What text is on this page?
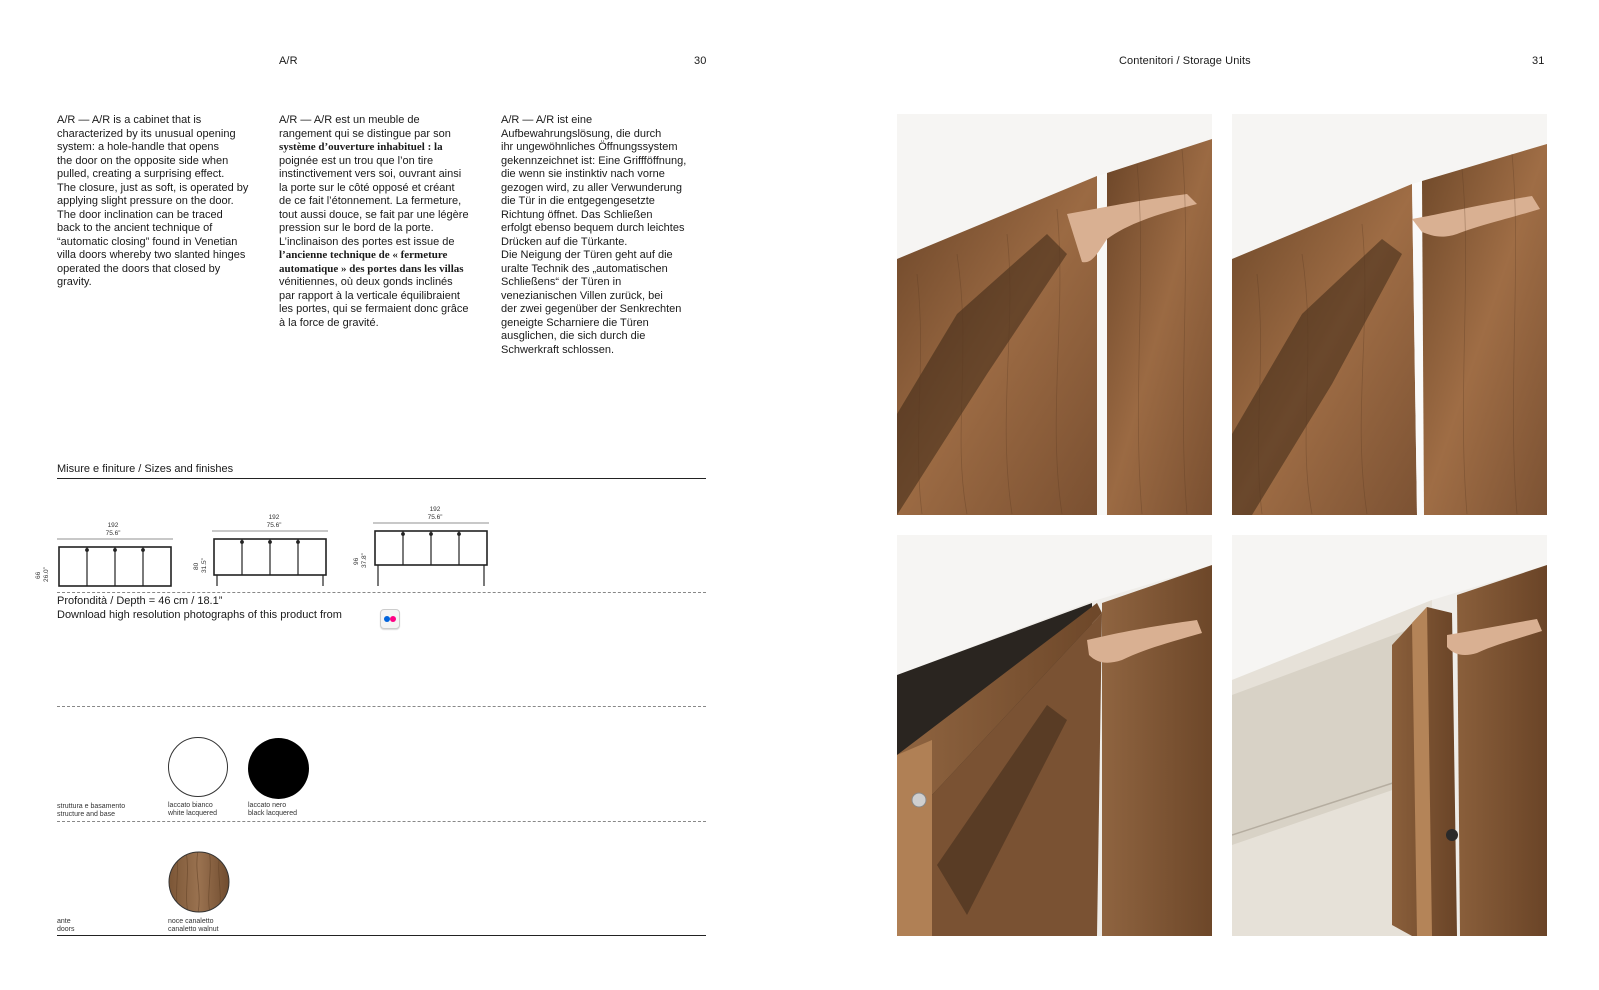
A/R	30

A/R — A/R is a cabinet that is

characterized by its unusual opening

system: a hole-handle that opens

the door on the opposite side when

pulled, creating a surprising effect.

The closure, just as soft, is operated by

applying slight pressure on the door.

The door inclination can be traced

back to the ancient technique of

“automatic closing” found in Venetian

villa doors whereby two slanted hinges

operated the doors that closed by

gravity.

A/R — A/R est un meuble de

rangement qui se distingue par son

système d’ouverture inhabituel : la

poignée est un trou que l’on tire

instinctivement vers soi, ouvrant ainsi

la porte sur le côté opposé et créant

de ce fait l’étonnement. La fermeture,

tout aussi douce, se fait par une légère

pression sur le bord de la porte.

L’inclinaison des portes est issue de

l’ancienne technique de « fermeture

automatique » des portes dans les villas

vénitiennes, où deux gonds inclinés

par rapport à la verticale équilibraient

les portes, qui se fermaient donc grâce

à la force de gravité.

A/R — A/R ist eine

Aufbewahrungslösung, die durch

ihr ungewöhnliches Öffnungssystem

gekennzeichnet ist: Eine Griffföffnung,

die wenn sie instinktiv nach vorne

gezogen wird, zu aller Verwunderung

die Tür in die entgegengesetzte

Richtung öffnet. Das Schließen

erfolgt ebenso bequem durch leichtes

Drücken auf die Türkante.

Die Neigung der Türen geht auf die

uralte Technik des „automatischen

Schließens“ der Türen in

venezianischen Villen zurück, bei

der zwei gegenüber der Senkrechten

geneigte Scharniere die Türen

ausglichen, die sich durch die

Schwerkraft schlossen.

Misure e finiture / Sizes and finishes
192
75.6”
66 26.0”
192
75.6”
80 31.5”
192
75.6”
96 37.8”
Profondità / Depth = 46 cm / 18.1”
Download high resolution photographs of this product from
struttura e basamento
structure and base
laccato bianco
white lacquered
laccato nero
black lacquered
ante
doors
noce canaletto
canaletto walnut
Contenitori / Storage Units	31
